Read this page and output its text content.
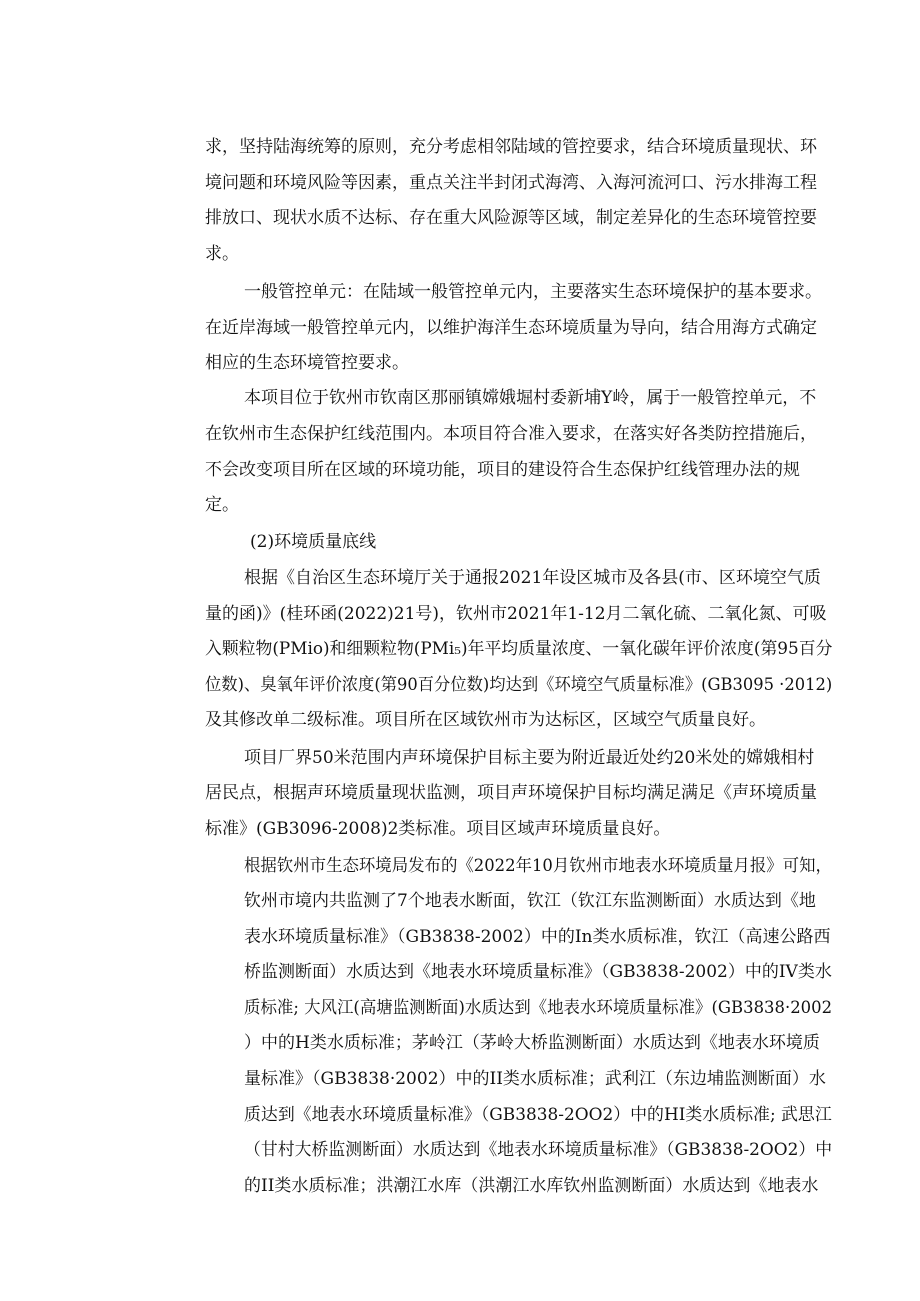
求，坚持陆海统筹的原则，充分考虑相邻陆域的管控要求，结合环境质量现状、环
境问题和环境风险等因素，重点关注半封闭式海湾、入海河流河口、污水排海工程
排放口、现状水质不达标、存在重大风险源等区域，制定差异化的生态环境管控要
求。
一般管控单元：在陆域一般管控单元内，主要落实生态环境保护的基本要求。
在近岸海域一般管控单元内，以维护海洋生态环境质量为导向，结合用海方式确定
相应的生态环境管控要求。
本项目位于钦州市钦南区那丽镇嫦娥堀村委新埔Y岭，属于一般管控单元，不
在钦州市生态保护红线范围内。本项目符合准入要求，在落实好各类防控措施后，
不会改变项目所在区域的环境功能，项目的建设符合生态保护红线管理办法的规
定。
(2)环境质量底线
根据《自治区生态环境厅关于通报2021年设区城市及各县(市、区环境空气质
量的函)》(桂环函(2022)21号)，钦州市2021年1-12月二氧化硫、二氧化氮、可吸
入颗粒物(PMio)和细颗粒物(PMi₅)年平均质量浓度、一氧化碳年评价浓度(第95百分
位数)、臭氧年评价浓度(第90百分位数)均达到《环境空气质量标准》(GB3095 ·2012)
及其修改单二级标准。项目所在区域钦州市为达标区，区域空气质量良好。
项目厂界50米范围内声环境保护目标主要为附近最近处约20米处的嫦娥相村
居民点，根据声环境质量现状监测，项目声环境保护目标均满足满足《声环境质量
标准》(GB3096-2008)2类标准。项目区域声环境质量良好。
根据钦州市生态环境局发布的《2022年10月钦州市地表水环境质量月报》可知，
钦州市境内共监测了7个地表水断面，钦江（钦江东监测断面）水质达到《地
表水环境质量标准》（GB3838-2002）中的In类水质标准，钦江（高速公路西
桥监测断面）水质达到《地表水环境质量标准》（GB3838-2002）中的IV类水
质标准; 大风江(高塘监测断面)水质达到《地表水环境质量标准》(GB3838·2002
）中的H类水质标准；茅岭江（茅岭大桥监测断面）水质达到《地表水环境质
量标准》（GB3838·2002）中的II类水质标准；武利江（东边埔监测断面）水
质达到《地表水环境质量标准》（GB3838-2OO2）中的HI类水质标准; 武思江
（甘村大桥监测断面）水质达到《地表水环境质量标准》（GB3838-2OO2）中
的II类水质标准；洪潮江水库（洪潮江水库钦州监测断面）水质达到《地表水
